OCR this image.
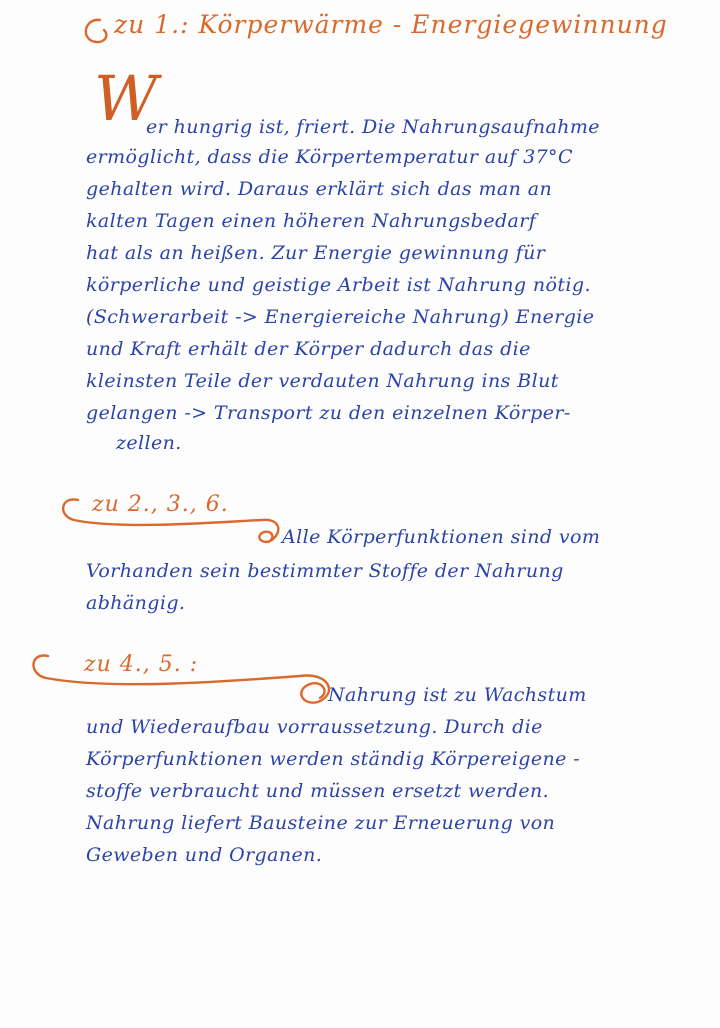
zu 1.: Körperwärme - Energiegewinnung
W
er hungrig ist, friert. Die Nahrungsaufnahme
ermöglicht, dass die Körpertemperatur auf 37°C
gehalten wird. Daraus erklärt sich das man an
kalten Tagen einen höheren Nahrungsbedarf
hat als an heißen. Zur Energie gewinnung für
körperliche und geistige Arbeit ist Nahrung nötig.
(Schwerarbeit -> Energiereiche Nahrung) Energie
und Kraft erhält der Körper dadurch das die
kleinsten Teile der verdauten Nahrung ins Blut
gelangen -> Transport zu den einzelnen Körper-
zellen.
zu 2., 3., 6.
Alle Körperfunktionen sind vom
Vorhanden sein bestimmter Stoffe der Nahrung
abhängig.
zu 4., 5. :
Nahrung ist zu Wachstum
und Wiederaufbau vorraussetzung. Durch die
Körperfunktionen werden ständig Körpereigene -
stoffe verbraucht und müssen ersetzt werden.
Nahrung liefert Bausteine zur Erneuerung von
Geweben und Organen.
